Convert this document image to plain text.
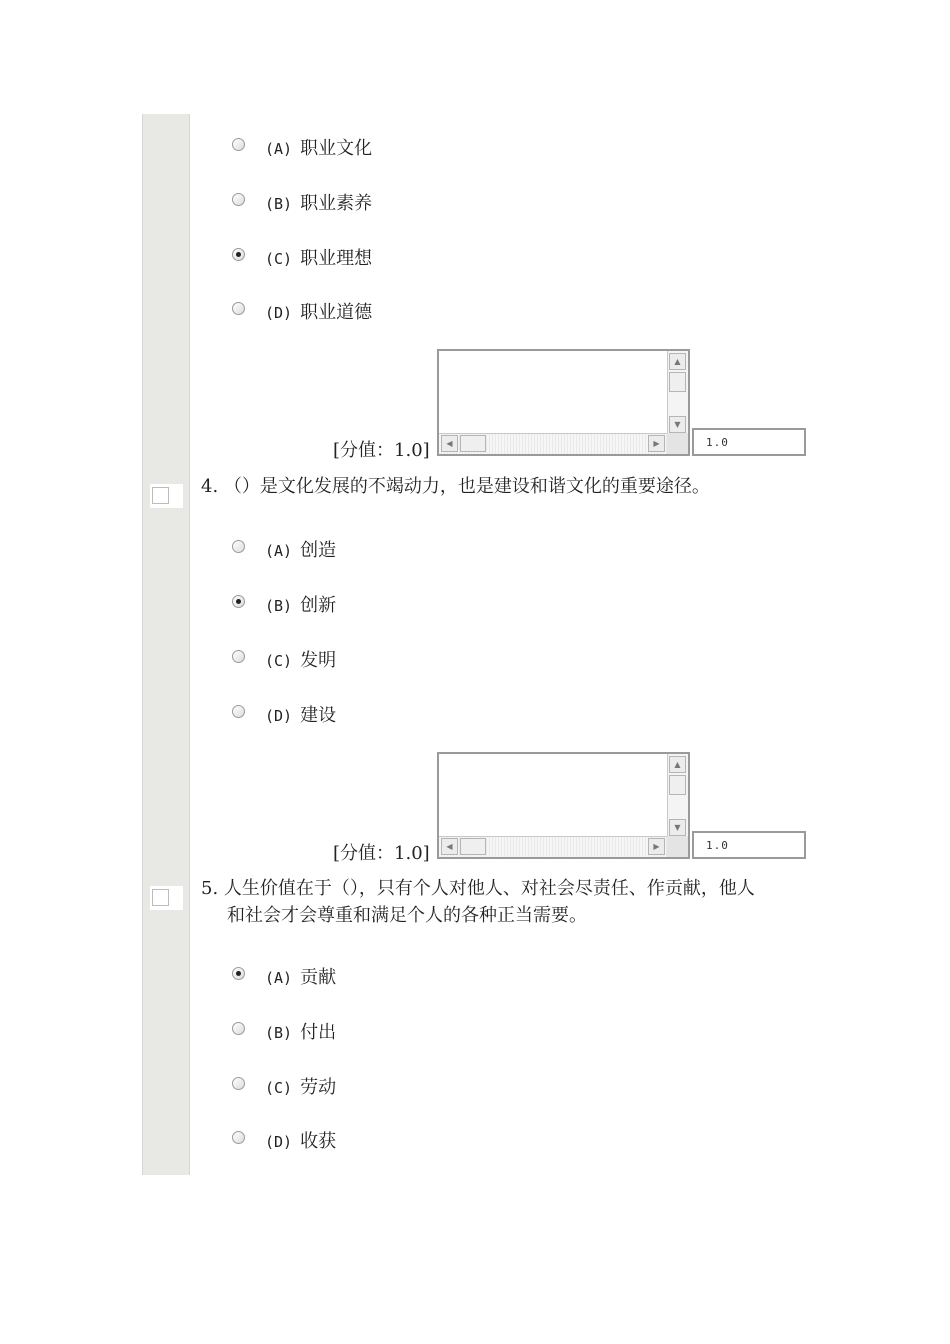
(A) 职业文化
(B) 职业素养
(C) 职业理想
(D) 职业道德
▲
▼
◀	▶
[分值：1.0]	1.0
4. （）是文化发展的不竭动力，也是建设和谐文化的重要途径。
(A) 创造
(B) 创新
(C) 发明
(D) 建设
▲
▼
◀	▶
[分值：1.0]	1.0
5. 人生价值在于（），只有个人对他人、对社会尽责任、作贡献，他人
和社会才会尊重和满足个人的各种正当需要。
(A) 贡献
(B) 付出
(C) 劳动
(D) 收获
